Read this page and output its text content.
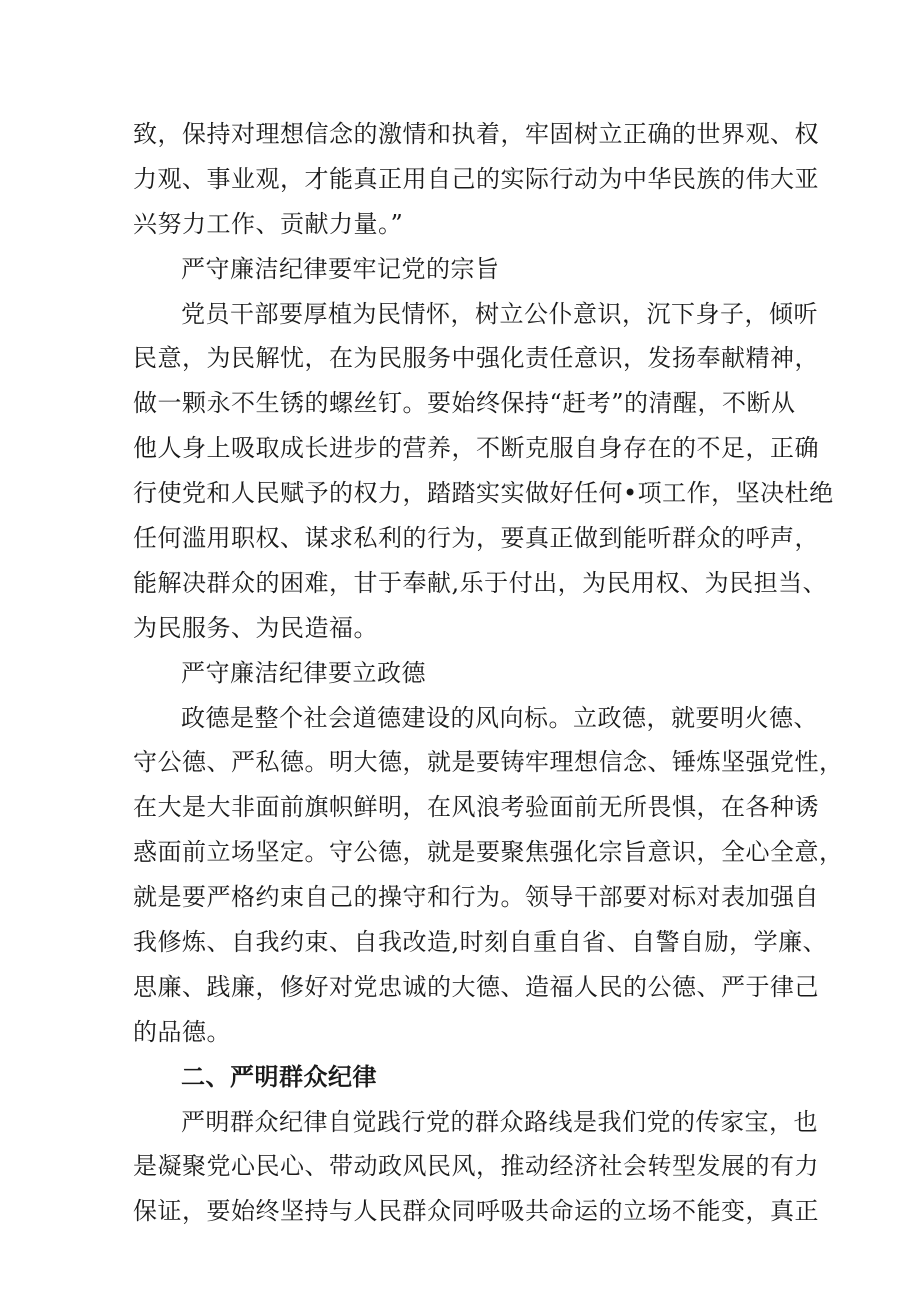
致，保持对理想信念的激情和执着，牢固树立正确的世界观、权
力观、事业观，才能真正用自己的实际行动为中华民族的伟大亚
兴努力工作、贡献力量。”
严守廉洁纪律要牢记党的宗旨
党员干部要厚植为民情怀，树立公仆意识，沉下身子，倾听
民意，为民解忧，在为民服务中强化责任意识，发扬奉献精神，
做一颗永不生锈的螺丝钉。要始终保持“赶考”的清醒，不断从
他人身上吸取成长进步的营养，不断克服自身存在的不足，正确
行使党和人民赋予的权力，踏踏实实做好任何•项工作，坚决杜绝
任何滥用职权、谋求私利的行为，要真正做到能听群众的呼声，
能解决群众的困难，甘于奉献,乐于付出，为民用权、为民担当、
为民服务、为民造福。
严守廉洁纪律要立政德
政德是整个社会道德建设的风向标。立政德，就要明火德、
守公德、严私德。明大德，就是要铸牢理想信念、锤炼坚强党性，
在大是大非面前旗帜鲜明，在风浪考验面前无所畏惧，在各种诱
惑面前立场坚定。守公德，就是要聚焦强化宗旨意识，全心全意，
就是要严格约束自己的操守和行为。领导干部要对标对表加强自
我修炼、自我约束、自我改造,时刻自重自省、自警自励，学廉、
思廉、践廉，修好对党忠诚的大德、造福人民的公德、严于律己
的品德。
二、严明群众纪律
严明群众纪律自觉践行党的群众路线是我们党的传家宝，也
是凝聚党心民心、带动政风民风，推动经济社会转型发展的有力
保证，要始终坚持与人民群众同呼吸共命运的立场不能变，真正
